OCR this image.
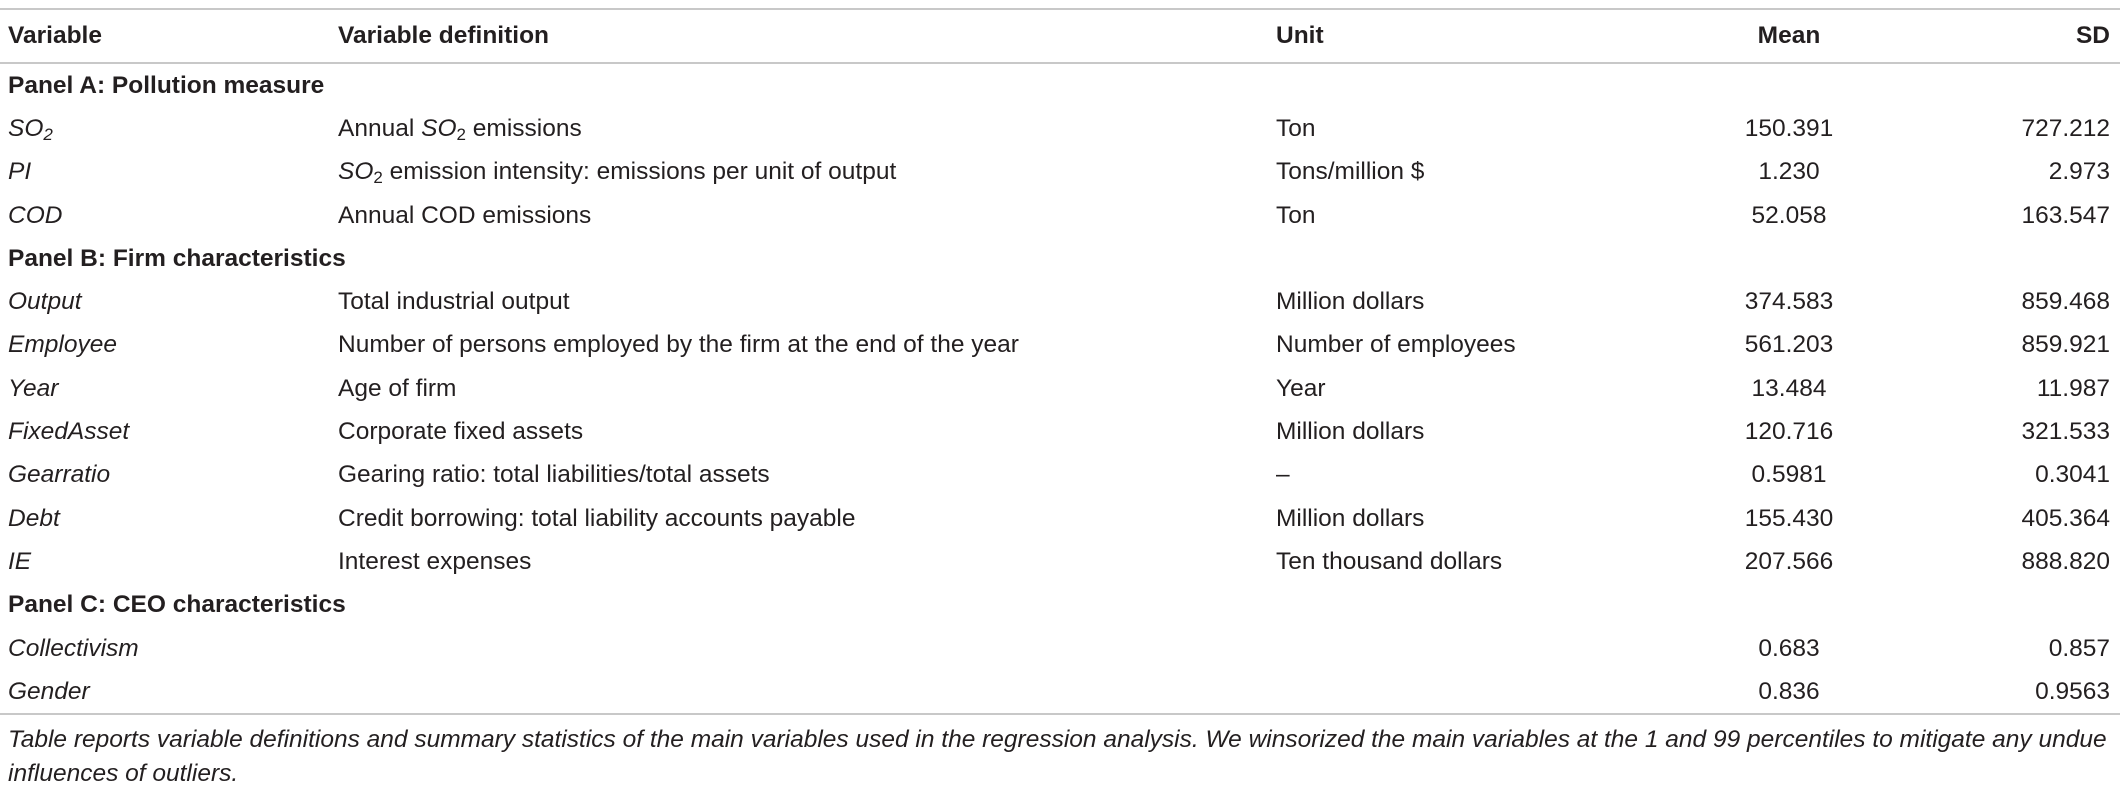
Variable	Variable definition	Unit	Mean	SD
Panel A: Pollution measure				
$SO_2$	Annual $SO_2$ emissions	Ton	150.391	727.212
PI	$SO_2$ emission intensity: emissions per unit of output	Tons/million $	1.230	2.973
COD	Annual COD emissions	Ton	52.058	163.547
Panel B: Firm characteristics				
Output	Total industrial output	Million dollars	374.583	859.468
Employee	Number of persons employed by the firm at the end of the year	Number of employees	561.203	859.921
Year	Age of firm	Year	13.484	11.987
FixedAsset	Corporate fixed assets	Million dollars	120.716	321.533
Gearratio	Gearing ratio: total liabilities/total assets	–	0.5981	0.3041
Debt	Credit borrowing: total liability accounts payable	Million dollars	155.430	405.364
IE	Interest expenses	Ten thousand dollars	207.566	888.820
Panel C: CEO characteristics				
Collectivism			0.683	0.857
Gender			0.836	0.9563
Table reports variable definitions and summary statistics of the main variables used in the regression analysis. We winsorized the main variables at the 1 and 99 percentiles to mitigate any undue influences of outliers.
